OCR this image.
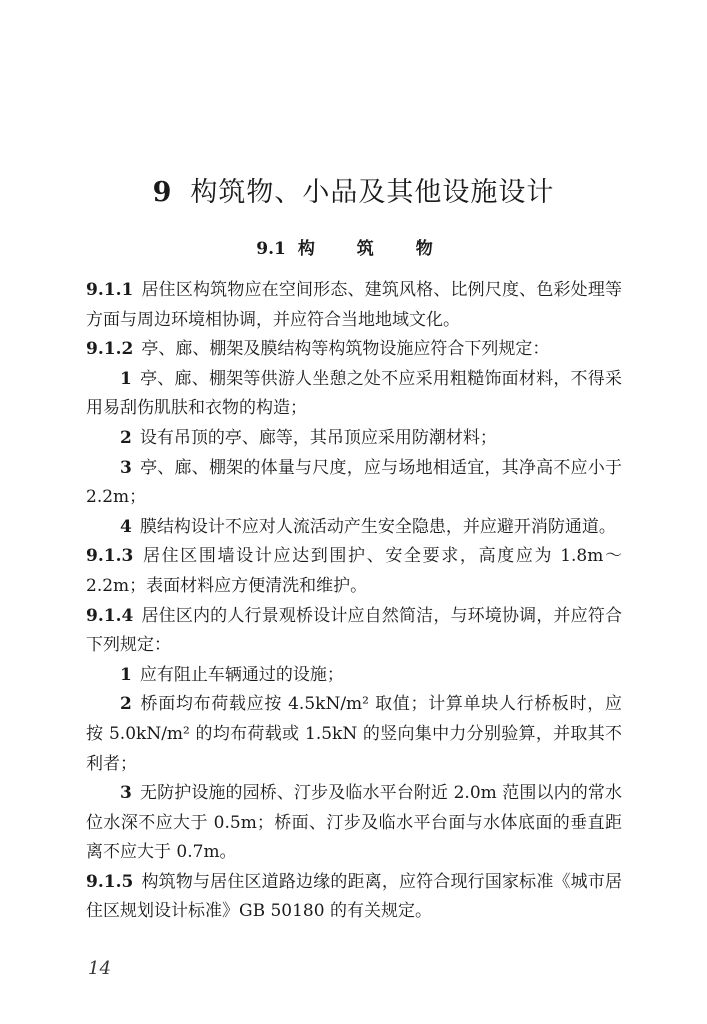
9 构筑物、小品及其他设施设计
9.1 构 筑 物

9.1.1 居住区构筑物应在空间形态、建筑风格、比例尺度、色彩处理等方面与周边环境相协调，并应符合当地地域文化。

9.1.2 亭、廊、棚架及膜结构等构筑物设施应符合下列规定：

1 亭、廊、棚架等供游人坐憩之处不应采用粗糙饰面材料，不得采用易刮伤肌肤和衣物的构造；

2 设有吊顶的亭、廊等，其吊顶应采用防潮材料；

3 亭、廊、棚架的体量与尺度，应与场地相适宜，其净高不应小于 2.2m；

4 膜结构设计不应对人流活动产生安全隐患，并应避开消防通道。

9.1.3 居住区围墙设计应达到围护、安全要求，高度应为 1.8m～2.2m；表面材料应方便清洗和维护。

9.1.4 居住区内的人行景观桥设计应自然简洁，与环境协调，并应符合下列规定：

1 应有阻止车辆通过的设施；

2 桥面均布荷载应按 4.5kN/m² 取值；计算单块人行桥板时，应按 5.0kN/m² 的均布荷载或 1.5kN 的竖向集中力分别验算，并取其不利者；

3 无防护设施的园桥、汀步及临水平台附近 2.0m 范围以内的常水位水深不应大于 0.5m；桥面、汀步及临水平台面与水体底面的垂直距离不应大于 0.7m。

9.1.5 构筑物与居住区道路边缘的距离，应符合现行国家标准《城市居住区规划设计标准》GB 50180 的有关规定。

14
